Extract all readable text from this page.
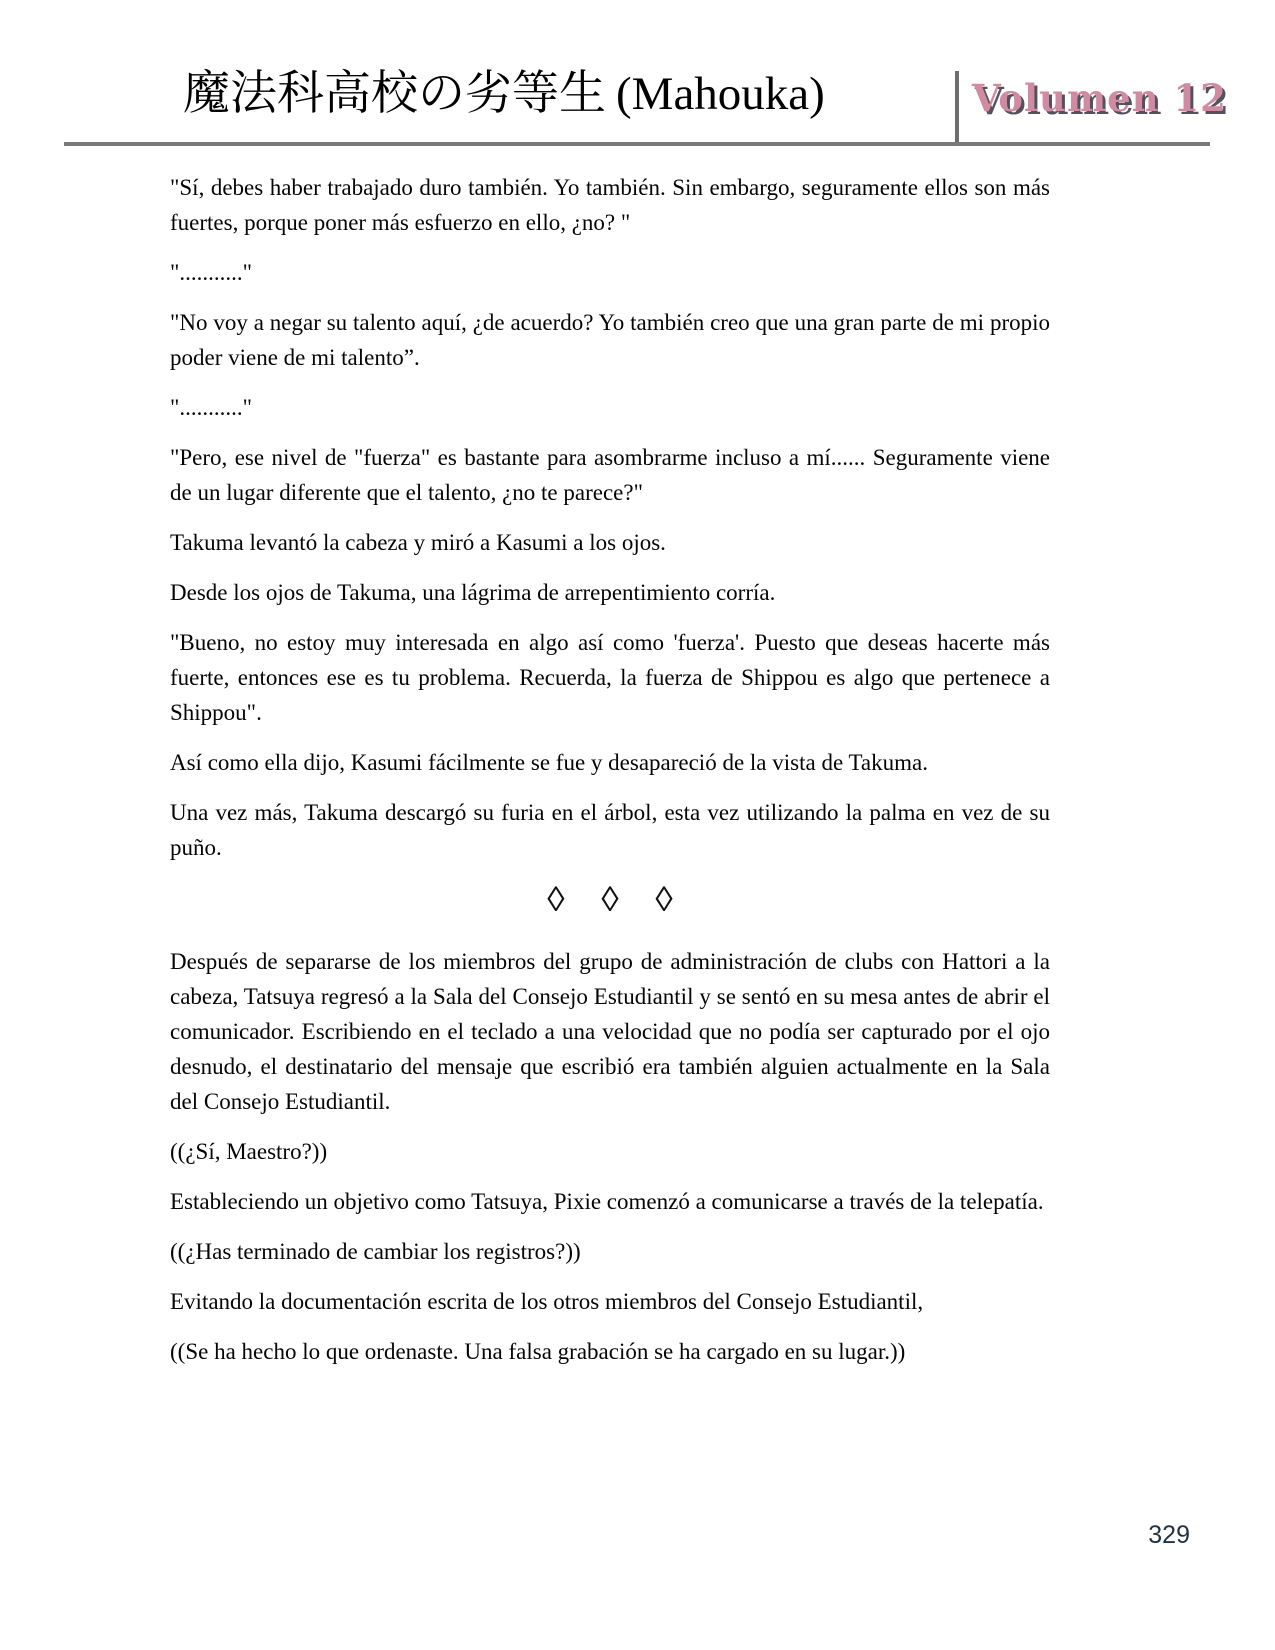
魔法科高校の劣等生 (Mahouka)	Volumen 12

"Sí, debes haber trabajado duro también. Yo también. Sin embargo, seguramente ellos son más fuertes, porque poner más esfuerzo en ello, ¿no? "

"..........."

"No voy a negar su talento aquí, ¿de acuerdo? Yo también creo que una gran parte de mi propio poder viene de mi talento”.

"..........."

"Pero, ese nivel de "fuerza" es bastante para asombrarme incluso a mí...... Seguramente viene de un lugar diferente que el talento, ¿no te parece?"

Takuma levantó la cabeza y miró a Kasumi a los ojos.

Desde los ojos de Takuma, una lágrima de arrepentimiento corría.

"Bueno, no estoy muy interesada en algo así como 'fuerza'. Puesto que deseas hacerte más fuerte, entonces ese es tu problema. Recuerda, la fuerza de Shippou es algo que pertenece a Shippou".

Así como ella dijo, Kasumi fácilmente se fue y desapareció de la vista de Takuma.

Una vez más, Takuma descargó su furia en el árbol, esta vez utilizando la palma en vez de su puño.

◊ ◊ ◊

Después de separarse de los miembros del grupo de administración de clubs con Hattori a la cabeza, Tatsuya regresó a la Sala del Consejo Estudiantil y se sentó en su mesa antes de abrir el comunicador. Escribiendo en el teclado a una velocidad que no podía ser capturado por el ojo desnudo, el destinatario del mensaje que escribió era también alguien actualmente en la Sala del Consejo Estudiantil.

((¿Sí, Maestro?))

Estableciendo un objetivo como Tatsuya, Pixie comenzó a comunicarse a través de la telepatía.

((¿Has terminado de cambiar los registros?))

Evitando la documentación escrita de los otros miembros del Consejo Estudiantil,

((Se ha hecho lo que ordenaste. Una falsa grabación se ha cargado en su lugar.))

329
